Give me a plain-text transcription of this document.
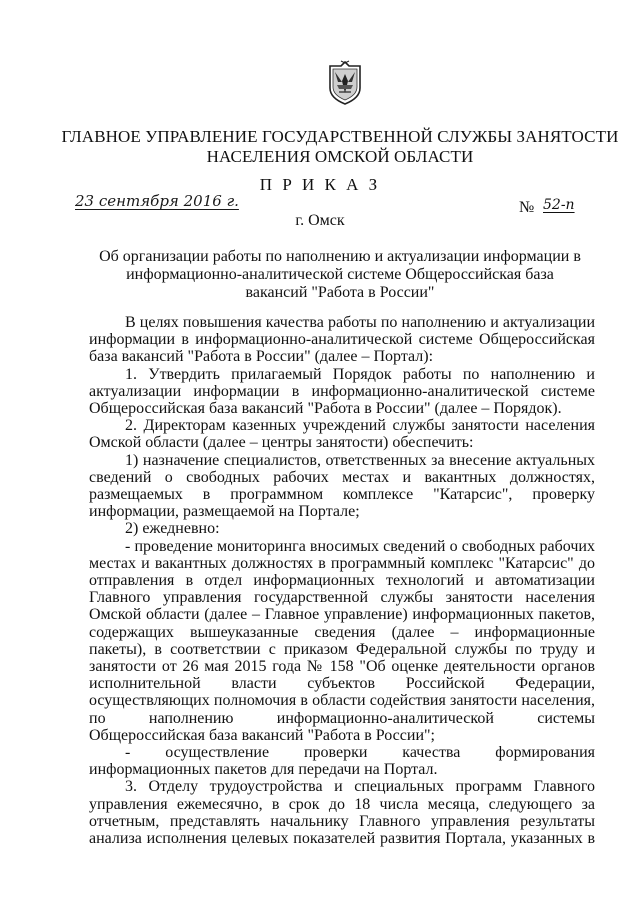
ГЛАВНОЕ УПРАВЛЕНИЕ ГОСУДАРСТВЕННОЙ СЛУЖБЫ ЗАНЯТОСТИ
НАСЕЛЕНИЯ ОМСКОЙ ОБЛАСТИ
П Р И К А З
23 сентября 2016 г.	№ 52-п
г. Омск
Об организации работы по наполнению и актуализации информации в
информационно-аналитической системе Общероссийская база
вакансий "Работа в России"

В целях повышения качества работы по наполнению и актуализации информации в информационно-аналитической системе Общероссийская база вакансий "Работа в России" (далее – Портал):

1. Утвердить прилагаемый Порядок работы по наполнению и актуализации информации в информационно-аналитической системе Общероссийская база вакансий "Работа в России" (далее – Порядок).

2. Директорам казенных учреждений службы занятости населения Омской области (далее – центры занятости) обеспечить:

1) назначение специалистов, ответственных за внесение актуальных сведений о свободных рабочих местах и вакантных должностях, размещаемых в программном комплексе "Катарсис", проверку информации, размещаемой на Портале;

2) ежедневно:

- проведение мониторинга вносимых сведений о свободных рабочих местах и вакантных должностях в программный комплекс "Катарсис" до отправления в отдел информационных технологий и автоматизации Главного управления государственной службы занятости населения Омской области (далее – Главное управление) информационных пакетов, содержащих вышеуказанные сведения (далее – информационные пакеты), в соответствии с приказом Федеральной службы по труду и занятости от 26 мая 2015 года № 158 "Об оценке деятельности органов исполнительной власти субъектов Российской Федерации, осуществляющих полномочия в области содействия занятости населения, по наполнению информационно-аналитической системы Общероссийская база вакансий "Работа в России";

- осуществление проверки качества формирования информационных пакетов для передачи на Портал.

3. Отделу трудоустройства и специальных программ Главного управления ежемесячно, в срок до 18 числа месяца, следующего за отчетным, представлять начальнику Главного управления результаты анализа исполнения целевых показателей развития Портала, указанных в
